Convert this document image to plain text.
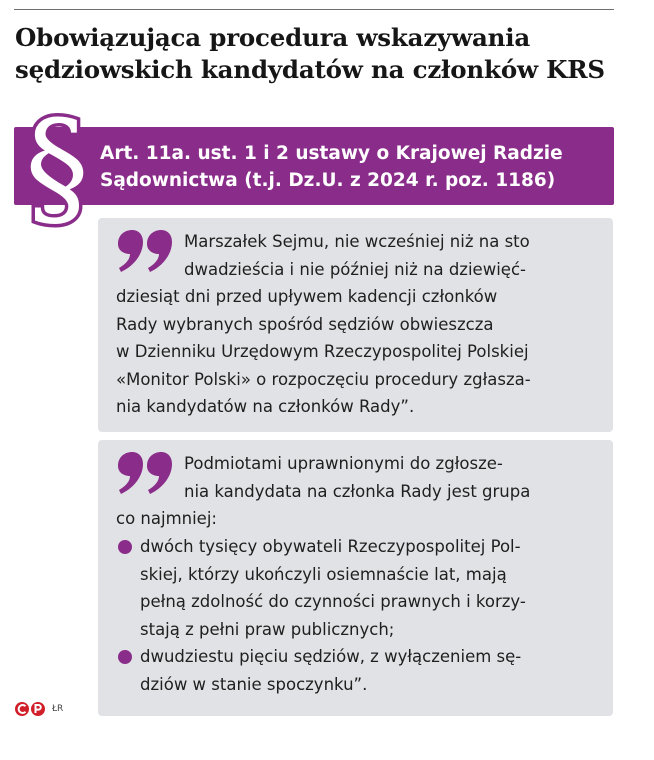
Obowiązująca procedura wskazywania
sędziowskich kandydatów na członków KRS
§ Art. 11a. ust. 1 i 2 ustawy o Krajowej Radzie
Sądownictwa (t.j. Dz.U. z 2024 r. poz. 1186)

Marszałek Sejmu, nie wcześniej niż na sto
dwadzieścia i nie później niż na dziewięć-

dziesiąt dni przed upływem kadencji członków
Rady wybranych spośród sędziów obwieszcza
w Dzienniku Urzędowym Rzeczypospolitej Polskiej
«Monitor Polski» o rozpoczęciu procedury zgłasza-
nia kandydatów na członków Rady”.

Podmiotami uprawnionymi do zgłosze-
nia kandydata na członka Rady jest grupa

co najmniej:

dwóch tysięcy obywateli Rzeczypospolitej Pol-
skiej, którzy ukończyli osiemnaście lat, mają
pełną zdolność do czynności prawnych i korzy-
stają z pełni praw publicznych;

dwudziestu pięciu sędziów, z wyłączeniem sę-
dziów w stanie spoczynku”.

ŁR
